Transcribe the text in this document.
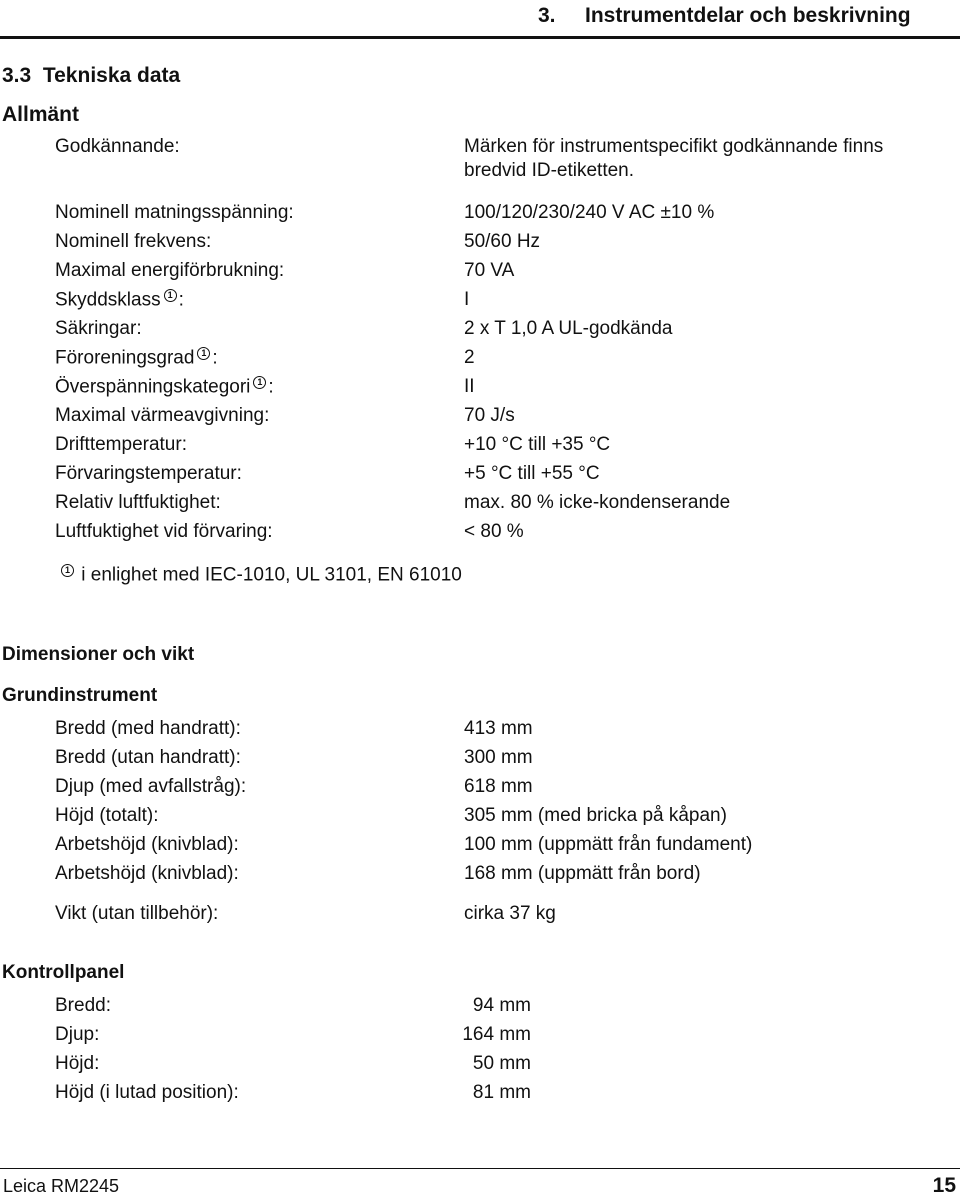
3. Instrumentdelar och beskrivning
3.3  Tekniska data
Allmänt
Godkännande:	Märken för instrumentspecifikt godkännande finns
bredvid ID-etiketten.
Nominell matningsspänning:	100/120/230/240 V AC ±10 %
Nominell frekvens:	50/60 Hz
Maximal energiförbrukning:	70 VA
Skyddsklass 1 :	I
Säkringar:	2 x T 1,0 A UL-godkända
Föroreningsgrad 1 :	2
Överspänningskategori 1 :	II
Maximal värmeavgivning:	70 J/s
Drifttemperatur:	+10 °C till +35 °C
Förvaringstemperatur:	+5 °C till +55 °C
Relativ luftfuktighet:	max. 80 % icke-kondenserande
Luftfuktighet vid förvaring:	< 80 %
1 i enlighet med IEC-1010, UL 3101, EN 61010
Dimensioner och vikt
Grundinstrument
Bredd (med handratt):	413 mm
Bredd (utan handratt):	300 mm
Djup (med avfallstråg):	618 mm
Höjd (totalt):	305 mm (med bricka på kåpan)
Arbetshöjd (knivblad):	100 mm (uppmätt från fundament)
Arbetshöjd (knivblad):	168 mm (uppmätt från bord)
Vikt (utan tillbehör):	cirka 37 kg
Kontrollpanel
Bredd:	94 mm
Djup:	164 mm
Höjd:	50 mm
Höjd (i lutad position):	81 mm
Leica RM2245	15
